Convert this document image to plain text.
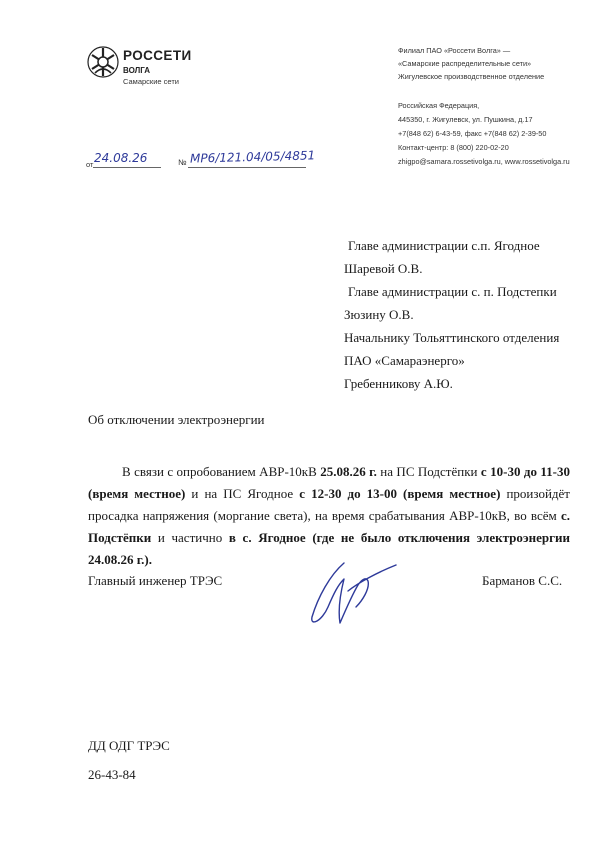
РОССЕТИ
ВОЛГА
Самарские сети
Филиал ПАО «Россети Волга» —
«Самарские распределительные сети»
Жигулевское производственное отделение
Российская Федерация,
445350, г. Жигулевск, ул. Пушкина, д.17
+7(848 62) 6-43-59, факс +7(848 62) 2-39-50
Контакт-центр: 8 (800) 220-02-20
zhigpo@samara.rossetivolga.ru, www.rossetivolga.ru
от 24.08.26	№ МР6/121.04/05/4851
Главе администрации с.п. Ягодное
Шаревой О.В.
Главе администрации с. п. Подстепки
Зюзину О.В.
Начальнику Тольяттинского отделения
ПАО «Самараэнерго»
Гребенникову А.Ю.
Об отключении электроэнергии
В связи с опробованием АВР-10кВ 25.08.26 г. на ПС Подстёпки с 10-30 до 11-30 (время местное) и на ПС Ягодное с 12-30 до 13-00 (время местное) произойдёт просадка напряжения (моргание света), на время срабатывания АВР-10кВ, во всём с. Подстёпки и частично в с. Ягодное (где не было отключения электроэнергии 24.08.26 г.).
Главный инженер ТРЭС	Барманов С.С.
ДД ОДГ ТРЭС
26-43-84
